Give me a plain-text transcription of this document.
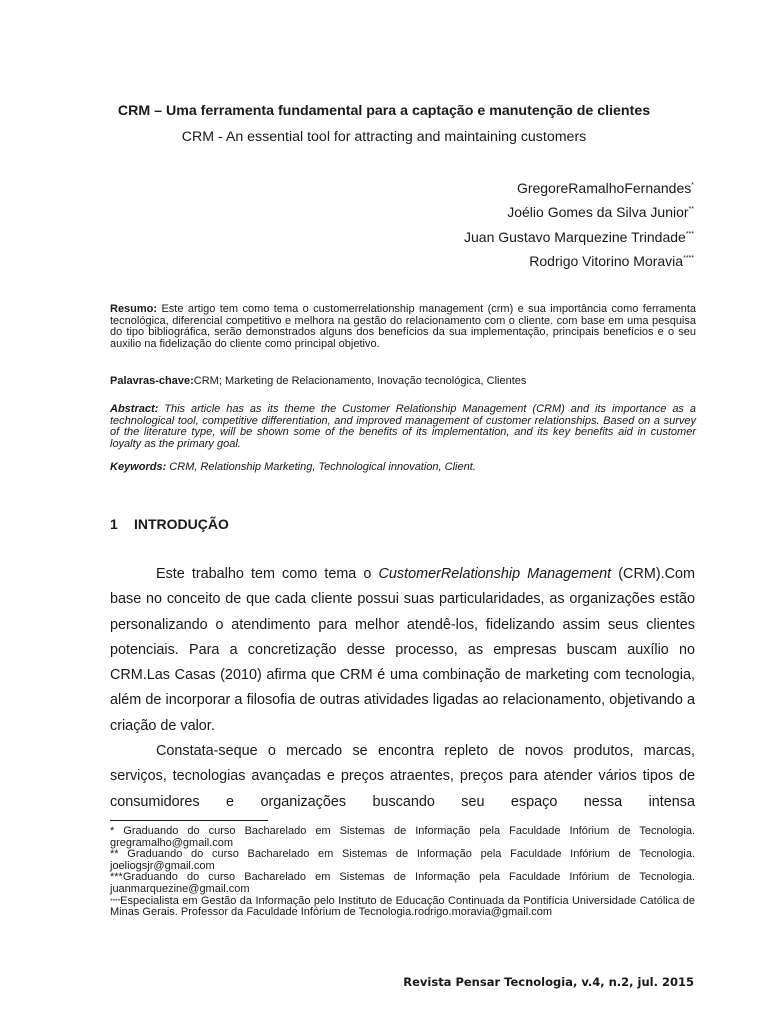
CRM – Uma ferramenta fundamental para a captação e manutenção de clientes
CRM - An essential tool for attracting and maintaining customers
GregoreRamalhoFernandes*
Joélio Gomes da Silva Junior**
Juan Gustavo Marquezine Trindade***
Rodrigo Vitorino Moravia****
Resumo: Este artigo tem como tema o customerrelationship management (crm) e sua importância como ferramenta tecnológica, diferencial competitivo e melhora na gestão do relacionamento com o cliente. com base em uma pesquisa do tipo bibliográfica, serão demonstrados alguns dos benefícios da sua implementação, principais benefícios e o seu auxilio na fidelização do cliente como principal objetivo.
Palavras-chave:CRM; Marketing de Relacionamento, Inovação tecnológica, Clientes
Abstract: This article has as its theme the Customer Relationship Management (CRM) and its importance as a technological tool, competitive differentiation, and improved management of customer relationships. Based on a survey of the literature type, will be shown some of the benefits of its implementation, and its key benefits aid in customer loyalty as the primary goal.
Keywords: CRM, Relationship Marketing, Technological innovation, Client.
1 INTRODUÇÃO
Este trabalho tem como tema o CustomerRelationship Management (CRM).Com base no conceito de que cada cliente possui suas particularidades, as organizações estão personalizando o atendimento para melhor atendê-los, fidelizando assim seus clientes potenciais. Para a concretização desse processo, as empresas buscam auxílio no CRM.Las Casas (2010) afirma que CRM é uma combinação de marketing com tecnologia, além de incorporar a filosofia de outras atividades ligadas ao relacionamento, objetivando a criação de valor.
Constata-seque o mercado se encontra repleto de novos produtos, marcas, serviços, tecnologias avançadas e preços atraentes, preços para atender vários tipos de consumidores e organizações buscando seu espaço nessa intensa

* Graduando do curso Bacharelado em Sistemas de Informação pela Faculdade Infórium de Tecnologia. gregramalho@gmail.com

** Graduando do curso Bacharelado em Sistemas de Informação pela Faculdade Infórium de Tecnologia. joeliogsjr@gmail.com

***Graduando do curso Bacharelado em Sistemas de Informação pela Faculdade Infórium de Tecnologia. juanmarquezine@gmail.com

****Especialista em Gestão da Informação pelo Instituto de Educação Continuada da Pontifícia Universidade Católica de Minas Gerais. Professor da Faculdade Infórium de Tecnologia.rodrigo.moravia@gmail.com

Revista Pensar Tecnologia, v.4, n.2, jul. 2015
